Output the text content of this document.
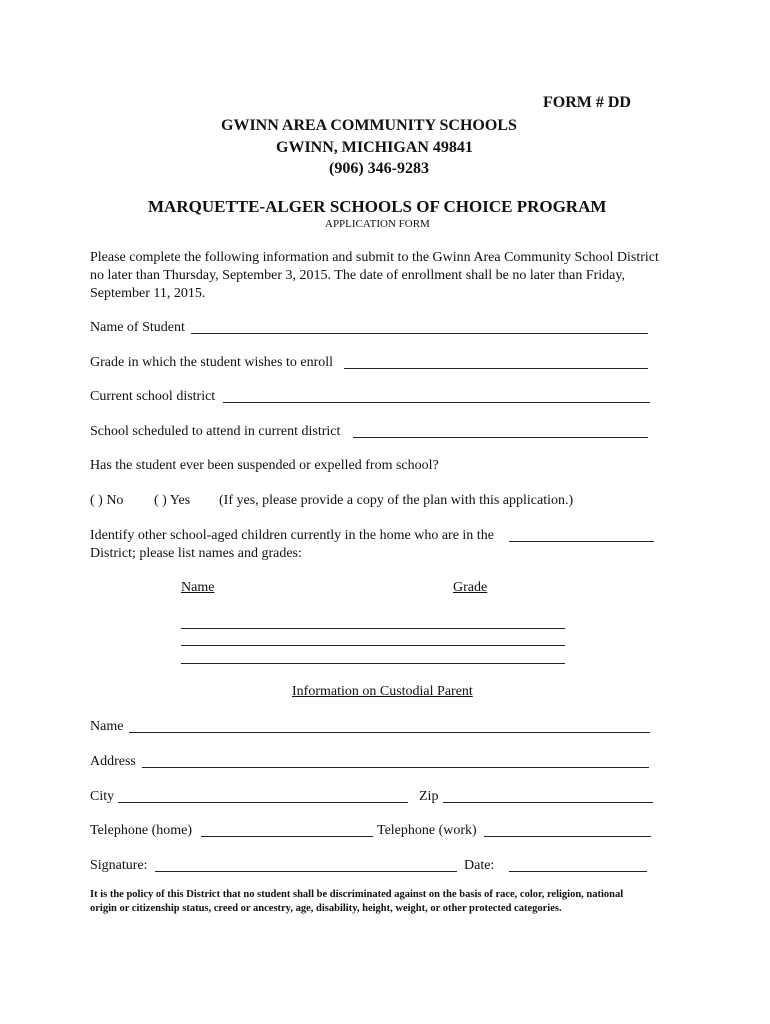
FORM # DD
GWINN AREA COMMUNITY SCHOOLS
GWINN, MICHIGAN 49841
(906) 346-9283
MARQUETTE-ALGER SCHOOLS OF CHOICE PROGRAM
APPLICATION FORM
Please complete the following information and submit to the Gwinn Area Community School District
no later than Thursday, September 3, 2015. The date of enrollment shall be no later than Friday,
September 11, 2015.
Name of Student
Grade in which the student wishes to enroll
Current school district
School scheduled to attend in current district
Has the student ever been suspended or expelled from school?
( ) No ( ) Yes (If yes, please provide a copy of the plan with this application.)
Identify other school-aged children currently in the home who are in the
District; please list names and grades:
Name	Grade
Information on Custodial Parent
Name
Address
City	Zip
Telephone (home)	Telephone (work)
Signature:	Date:
It is the policy of this District that no student shall be discriminated against on the basis of race, color, religion, national
origin or citizenship status, creed or ancestry, age, disability, height, weight, or other protected categories.
